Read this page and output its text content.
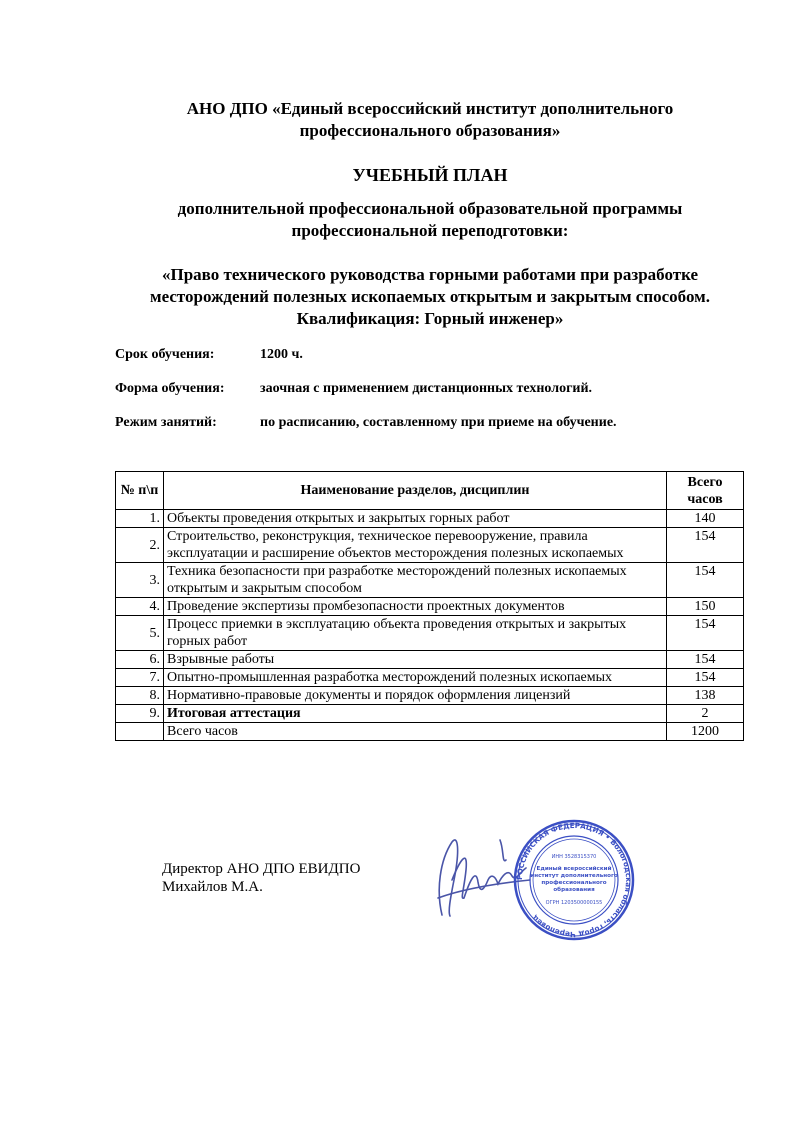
АНО ДПО «Единый всероссийский институт дополнительного
профессионального образования»
УЧЕБНЫЙ ПЛАН
дополнительной профессиональной образовательной программы
профессиональной переподготовки:
«Право технического руководства горными работами при разработке
месторождений полезных ископаемых открытым и закрытым способом.
Квалификация: Горный инженер»
Срок обучения:	1200 ч.
Форма обучения:	заочная с применением дистанционных технологий.
Режим занятий:	по расписанию, составленному при приеме на обучение.
№ п\п	Наименование разделов, дисциплин	Всего
часов

1.	Объекты проведения открытых и закрытых горных работ	140
2.	Строительство, реконструкция, техническое перевооружение, правила эксплуатации и расширение объектов месторождения полезных ископаемых	154
3.	Техника безопасности при разработке месторождений полезных ископаемых открытым и закрытым способом	154
4.	Проведение экспертизы промбезопасности проектных документов	150
5.	Процесс приемки в эксплуатацию объекта проведения открытых и закрытых горных работ	154
6.	Взрывные работы	154
7.	Опытно-промышленная разработка месторождений полезных ископаемых	154
8.	Нормативно-правовые документы и порядок оформления лицензий	138
9.	Итоговая аттестация	2
	Всего часов	1200
Директор АНО ДПО ЕВИДПО
Михайлов М.А.
РОССИЙСКАЯ ФЕДЕРАЦИЯ • Вологодская область, город Череповец
ИНН 3528315370
Единый всероссийский
институт дополнительного
профессионального
образования
ОГРН 1203500000155
